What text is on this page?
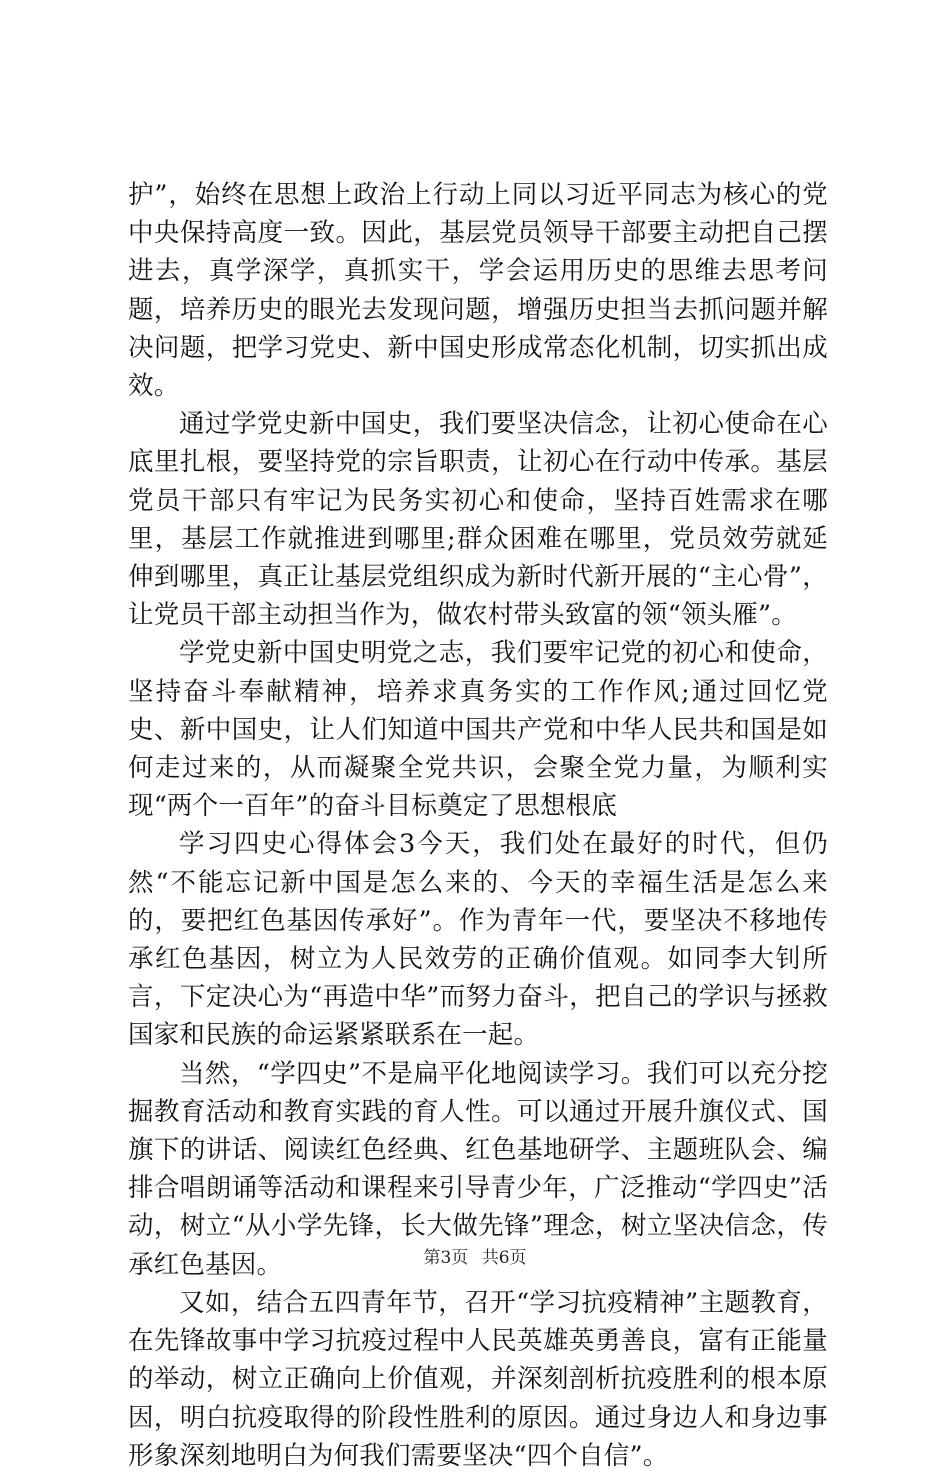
护”，始终在思想上政治上行动上同以习近平同志为核心的党中央保持高度一致。因此，基层党员领导干部要主动把自己摆进去，真学深学，真抓实干，学会运用历史的思维去思考问题，培养历史的眼光去发现问题，增强历史担当去抓问题并解决问题，把学习党史、新中国史形成常态化机制，切实抓出成效。

通过学党史新中国史，我们要坚决信念，让初心使命在心底里扎根，要坚持党的宗旨职责，让初心在行动中传承。基层党员干部只有牢记为民务实初心和使命，坚持百姓需求在哪里，基层工作就推进到哪里;群众困难在哪里，党员效劳就延伸到哪里，真正让基层党组织成为新时代新开展的“主心骨”，让党员干部主动担当作为，做农村带头致富的领“领头雁”。

学党史新中国史明党之志，我们要牢记党的初心和使命，坚持奋斗奉献精神，培养求真务实的工作作风;通过回忆党史、新中国史，让人们知道中国共产党和中华人民共和国是如何走过来的，从而凝聚全党共识，会聚全党力量，为顺利实现“两个一百年”的奋斗目标奠定了思想根底

学习四史心得体会3今天，我们处在最好的时代，但仍然“不能忘记新中国是怎么来的、今天的幸福生活是怎么来的，要把红色基因传承好”。作为青年一代，要坚决不移地传承红色基因，树立为人民效劳的正确价值观。如同李大钊所言，下定决心为“再造中华”而努力奋斗，把自己的学识与拯救国家和民族的命运紧紧联系在一起。

当然，“学四史”不是扁平化地阅读学习。我们可以充分挖掘教育活动和教育实践的育人性。可以通过开展升旗仪式、国旗下的讲话、阅读红色经典、红色基地研学、主题班队会、编排合唱朗诵等活动和课程来引导青少年，广泛推动“学四史”活动，树立“从小学先锋，长大做先锋”理念，树立坚决信念，传承红色基因。

又如，结合五四青年节，召开“学习抗疫精神”主题教育，在先锋故事中学习抗疫过程中人民英雄英勇善良，富有正能量的举动，树立正确向上价值观，并深刻剖析抗疫胜利的根本原因，明白抗疫取得的阶段性胜利的原因。通过身边人和身边事形象深刻地明白为何我们需要坚决“四个自信”。

第3页 共6页
